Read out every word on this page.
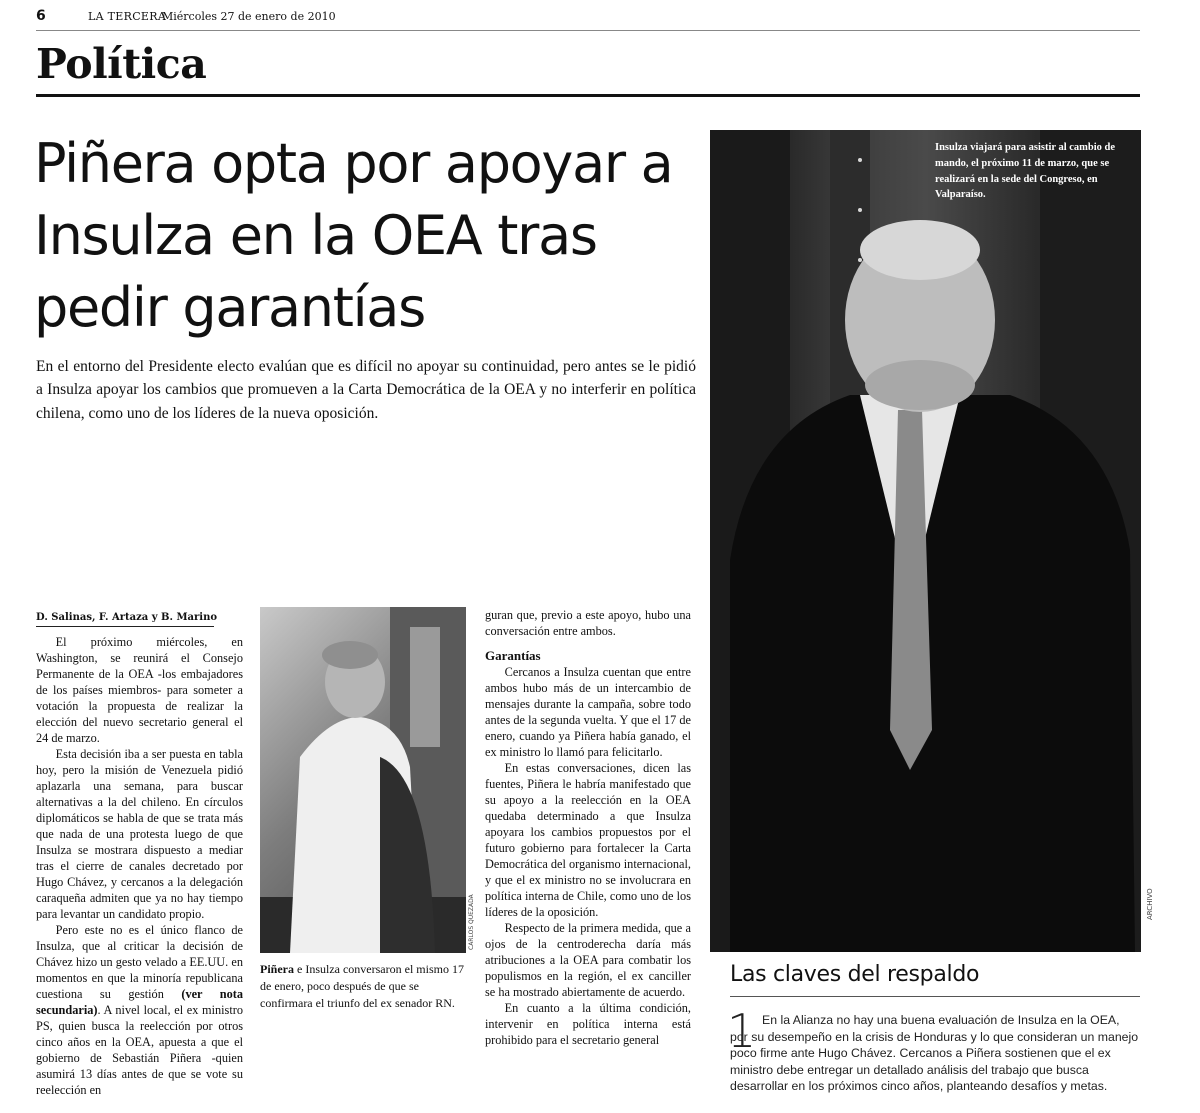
6	LA TERCERA
Miércoles 27 de enero de 2010
Política
Piñera opta por apoyar a Insulza en la OEA tras pedir garantías

En el entorno del Presidente electo evalúan que es difícil no apoyar su continuidad, pero antes se le pidió a Insulza apoyar los cambios que promueven a la Carta Democrática de la OEA y no interferir en política chilena, como uno de los líderes de la nueva oposición.

Insulza viajará para asistir al cambio de mando, el próximo 11 de marzo, que se realizará en la sede del Congreso, en Valparaíso.
ARCHIVO
D. Salinas, F. Artaza y B. Marino

El próximo miércoles, en Washington, se reunirá el Consejo Permanente de la OEA -los embajadores de los países miembros- para someter a votación la propuesta de realizar la elección del nuevo secretario general el 24 de marzo.

Esta decisión iba a ser puesta en tabla hoy, pero la misión de Venezuela pidió aplazarla una semana, para buscar alternativas a la del chileno. En círculos diplomáticos se habla de que se trata más que nada de una protesta luego de que Insulza se mostrara dispuesto a mediar tras el cierre de canales decretado por Hugo Chávez, y cercanos a la delegación caraqueña admiten que ya no hay tiempo para levantar un candidato propio.

Pero este no es el único flanco de Insulza, que al criticar la decisión de Chávez hizo un gesto velado a EE.UU. en momentos en que la minoría republicana cuestiona su gestión (ver nota secundaria). A nivel local, el ex ministro PS, quien busca la reelección por otros cinco años en la OEA, apuesta a que el gobierno de Sebastián Piñera -quien asumirá 13 días antes de que se vote su reelección en

CARLOS QUEZADA

Piñera e Insulza conversaron el mismo 17 de enero, poco después de que se confirmara el triunfo del ex senador RN.

guran que, previo a este apoyo, hubo una conversación entre ambos.

Garantías

Cercanos a Insulza cuentan que entre ambos hubo más de un intercambio de mensajes durante la campaña, sobre todo antes de la segunda vuelta. Y que el 17 de enero, cuando ya Piñera había ganado, el ex ministro lo llamó para felicitarlo.

En estas conversaciones, dicen las fuentes, Piñera le habría manifestado que su apoyo a la reelección en la OEA quedaba determinado a que Insulza apoyara los cambios propuestos por el futuro gobierno para fortalecer la Carta Democrática del organismo internacional, y que el ex ministro no se involucrara en política interna de Chile, como uno de los líderes de la oposición.

Respecto de la primera medida, que a ojos de la centroderecha daría más atribuciones a la OEA para combatir los populismos en la región, el ex canciller se ha mostrado abiertamente de acuerdo.

En cuanto a la última condición, intervenir en política interna está prohibido para el secretario general

Las claves del respaldo
1 En la Alianza no hay una buena evaluación de Insulza en la OEA, por su desempeño en la crisis de Honduras y lo que consideran un manejo poco firme ante Hugo Chávez. Cercanos a Piñera sostienen que el ex ministro debe entregar un detallado análisis del trabajo que busca desarrollar en los próximos cinco años, planteando desafíos y metas.
